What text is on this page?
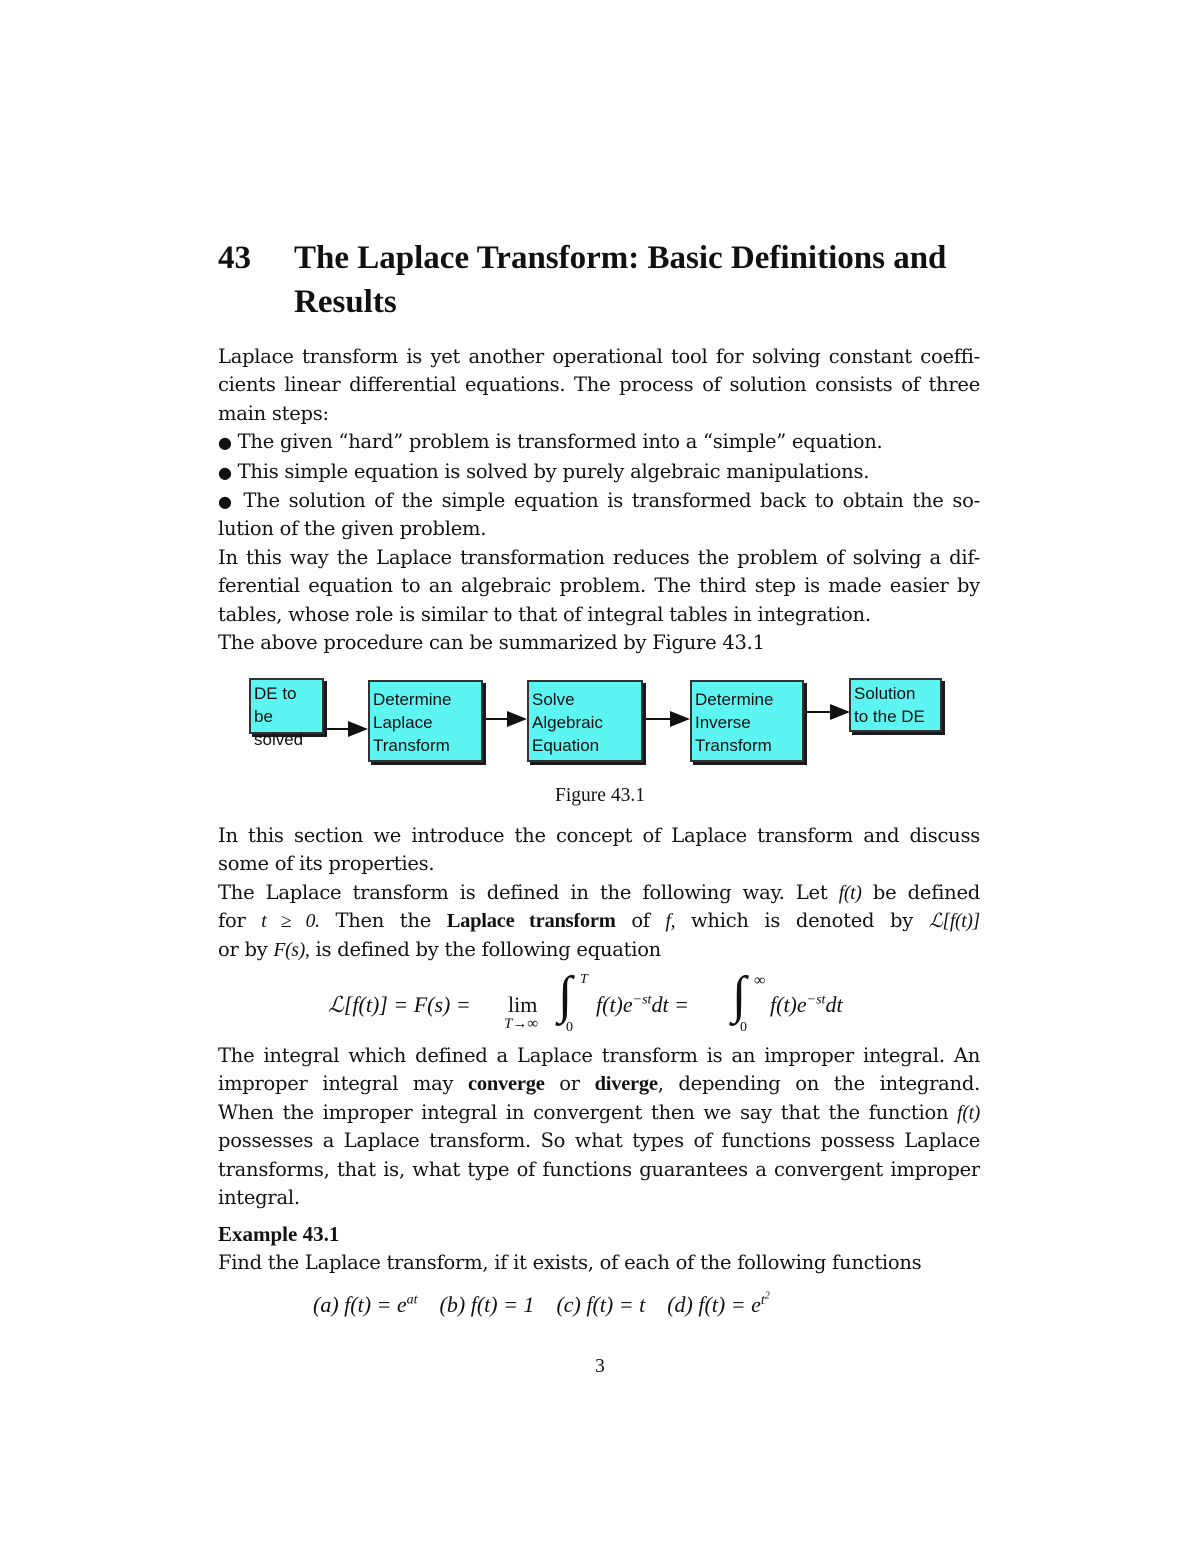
43	The Laplace Transform: Basic Definitions and Results
Laplace transform is yet another operational tool for solving constant coeffi-
cients linear differential equations. The process of solution consists of three
main steps:
● The given “hard” problem is transformed into a “simple” equation.
● This simple equation is solved by purely algebraic manipulations.
● The solution of the simple equation is transformed back to obtain the so-
lution of the given problem.
In this way the Laplace transformation reduces the problem of solving a dif-
ferential equation to an algebraic problem. The third step is made easier by
tables, whose role is similar to that of integral tables in integration.
The above procedure can be summarized by Figure 43.1
DE to be
solved
Determine
Laplace
Transform
Solve
Algebraic
Equation
Determine
Inverse
Transform
Solution
to the DE
Figure 43.1
In this section we introduce the concept of Laplace transform and discuss
some of its properties.
The Laplace transform is defined in the following way. Let f(t) be defined
for t ≥ 0. Then the Laplace transform of f, which is denoted by ℒ[f(t)]
or by F(s), is defined by the following equation
ℒ[f(t)] = F(s) = lim
T→∞ ∫ T
0
$f(t)e^{-st}dt$ = ∫ ∞
0
$f(t)e^{-st}dt$
The integral which defined a Laplace transform is an improper integral. An
improper integral may converge or diverge, depending on the integrand.
When the improper integral in convergent then we say that the function f(t)
possesses a Laplace transform. So what types of functions possess Laplace
transforms, that is, what type of functions guarantees a convergent improper
integral.
Example 43.1
Find the Laplace transform, if it exists, of each of the following functions
(a) $f(t) = e^{at}$ (b) f(t) = 1 (c) f(t) = t (d) $f(t) = e^{t^2}$
3
